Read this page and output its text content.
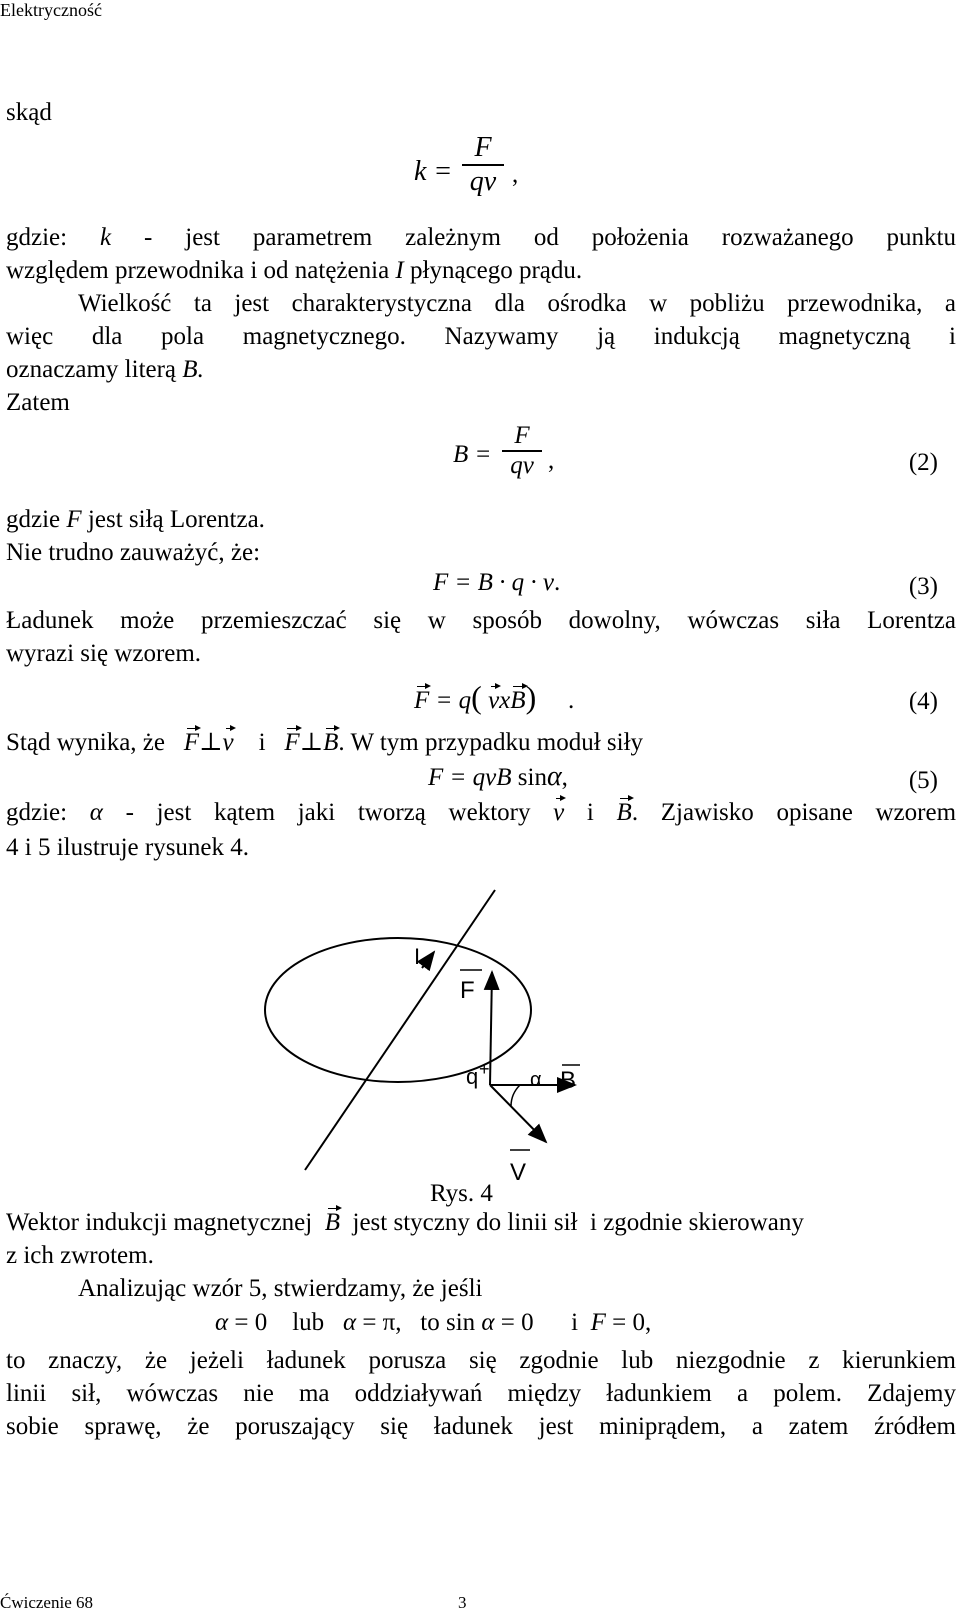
Elektryczność
skąd
k =
F
qv ,
gdzie: k - jest parametrem zależnym od położenia rozważanego punktu
względem przewodnika i od natężenia I płynącego prądu.
Wielkość ta jest charakterystyczna dla ośrodka w pobliżu przewodnika, a
więc dla pola magnetycznego. Nazywamy ją indukcją magnetyczną i
oznaczamy literą B.
Zatem
B =
F
qv ,	(2)
gdzie F jest siłą Lorentza.
Nie trudno zauważyć, że:
F = B · q · v.	(3)
Ładunek może przemieszczać się w sposób dowolny, wówczas siła Lorentza
wyrazi się wzorem.
F = q( vxB) .	(4)
Stąd wynika, że F⊥v i F⊥B. W tym przypadku moduł siły
F = qvB sinα,	(5)
gdzie: α - jest kątem jaki tworzą wektory v i B. Zjawisko opisane wzorem
4 i 5 ilustruje rysunek 4.
I
F
B
V
α
q +
Rys. 4
Wektor indukcji magnetycznej B jest styczny do linii sił i zgodnie skierowany
z ich zwrotem.
Analizując wzór 5, stwierdzamy, że jeśli
α = 0 lub α = π, to sin α = 0 i F = 0,
to znaczy, że jeżeli ładunek porusza się zgodnie lub niezgodnie z kierunkiem
linii sił, wówczas nie ma oddziaływań między ładunkiem a polem. Zdajemy
sobie sprawę, że poruszający się ładunek jest miniprądem, a zatem źródłem
Ćwiczenie 68	3
